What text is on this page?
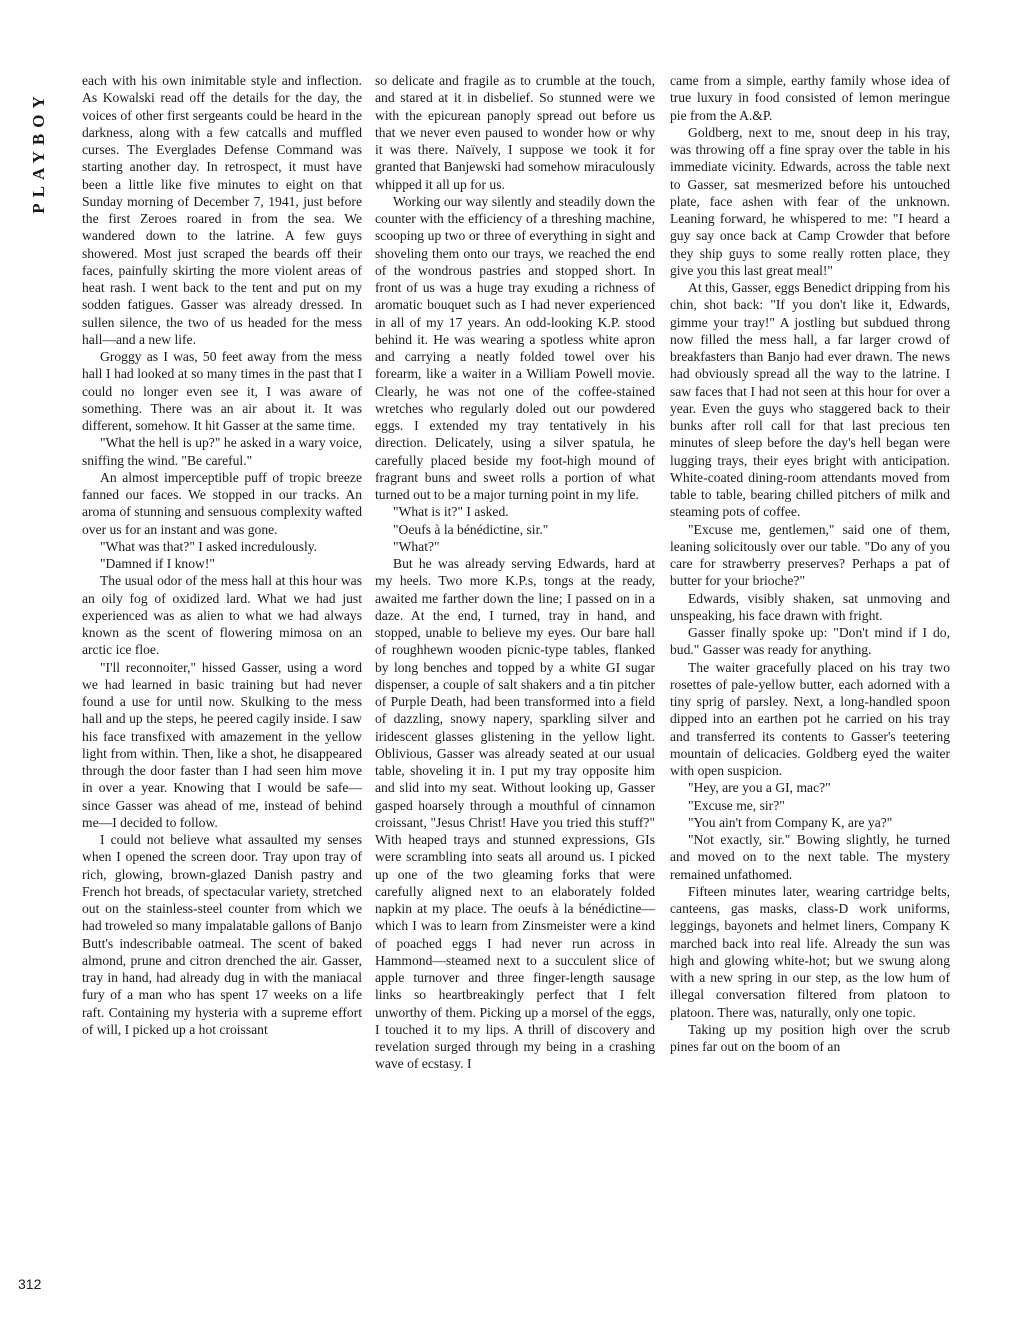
PLAYBOY
312

each with his own inimitable style and inflection. As Kowalski read off the details for the day, the voices of other first sergeants could be heard in the darkness, along with a few catcalls and muffled curses. The Everglades Defense Command was starting another day. In retrospect, it must have been a little like five minutes to eight on that Sunday morning of December 7, 1941, just before the first Zeroes roared in from the sea. We wandered down to the latrine. A few guys showered. Most just scraped the beards off their faces, painfully skirting the more violent areas of heat rash. I went back to the tent and put on my sodden fatigues. Gasser was already dressed. In sullen silence, the two of us headed for the mess hall—and a new life.

Groggy as I was, 50 feet away from the mess hall I had looked at so many times in the past that I could no longer even see it, I was aware of something. There was an air about it. It was different, somehow. It hit Gasser at the same time.

"What the hell is up?" he asked in a wary voice, sniffing the wind. "Be careful."

An almost imperceptible puff of tropic breeze fanned our faces. We stopped in our tracks. An aroma of stunning and sensuous complexity wafted over us for an instant and was gone.

"What was that?" I asked incredulously.

"Damned if I know!"

The usual odor of the mess hall at this hour was an oily fog of oxidized lard. What we had just experienced was as alien to what we had always known as the scent of flowering mimosa on an arctic ice floe.

"I'll reconnoiter," hissed Gasser, using a word we had learned in basic training but had never found a use for until now. Skulking to the mess hall and up the steps, he peered cagily inside. I saw his face transfixed with amazement in the yellow light from within. Then, like a shot, he disappeared through the door faster than I had seen him move in over a year. Knowing that I would be safe—since Gasser was ahead of me, instead of behind me—I decided to follow.

I could not believe what assaulted my senses when I opened the screen door. Tray upon tray of rich, glowing, brown-glazed Danish pastry and French hot breads, of spectacular variety, stretched out on the stainless-steel counter from which we had troweled so many impalatable gallons of Banjo Butt's indescribable oatmeal. The scent of baked almond, prune and citron drenched the air. Gasser, tray in hand, had already dug in with the maniacal fury of a man who has spent 17 weeks on a life raft. Containing my hysteria with a supreme effort of will, I picked up a hot croissant

so delicate and fragile as to crumble at the touch, and stared at it in disbelief. So stunned were we with the epicurean panoply spread out before us that we never even paused to wonder how or why it was there. Naïvely, I suppose we took it for granted that Banjewski had somehow miraculously whipped it all up for us.

Working our way silently and steadily down the counter with the efficiency of a threshing machine, scooping up two or three of everything in sight and shoveling them onto our trays, we reached the end of the wondrous pastries and stopped short. In front of us was a huge tray exuding a richness of aromatic bouquet such as I had never experienced in all of my 17 years. An odd-looking K.P. stood behind it. He was wearing a spotless white apron and carrying a neatly folded towel over his forearm, like a waiter in a William Powell movie. Clearly, he was not one of the coffee-stained wretches who regularly doled out our powdered eggs. I extended my tray tentatively in his direction. Delicately, using a silver spatula, he carefully placed beside my foot-high mound of fragrant buns and sweet rolls a portion of what turned out to be a major turning point in my life.

"What is it?" I asked.

"Oeufs à la bénédictine, sir."

"What?"

But he was already serving Edwards, hard at my heels. Two more K.P.s, tongs at the ready, awaited me farther down the line; I passed on in a daze. At the end, I turned, tray in hand, and stopped, unable to believe my eyes. Our bare hall of roughhewn wooden picnic-type tables, flanked by long benches and topped by a white GI sugar dispenser, a couple of salt shakers and a tin pitcher of Purple Death, had been transformed into a field of dazzling, snowy napery, sparkling silver and iridescent glasses glistening in the yellow light. Oblivious, Gasser was already seated at our usual table, shoveling it in. I put my tray opposite him and slid into my seat. Without looking up, Gasser gasped hoarsely through a mouthful of cinnamon croissant, "Jesus Christ! Have you tried this stuff?" With heaped trays and stunned expressions, GIs were scrambling into seats all around us. I picked up one of the two gleaming forks that were carefully aligned next to an elaborately folded napkin at my place. The oeufs à la bénédictine—which I was to learn from Zinsmeister were a kind of poached eggs I had never run across in Hammond—steamed next to a succulent slice of apple turnover and three finger-length sausage links so heartbreakingly perfect that I felt unworthy of them. Picking up a morsel of the eggs, I touched it to my lips. A thrill of discovery and revelation surged through my being in a crashing wave of ecstasy. I

came from a simple, earthy family whose idea of true luxury in food consisted of lemon meringue pie from the A.&P.

Goldberg, next to me, snout deep in his tray, was throwing off a fine spray over the table in his immediate vicinity. Edwards, across the table next to Gasser, sat mesmerized before his untouched plate, face ashen with fear of the unknown. Leaning forward, he whispered to me: "I heard a guy say once back at Camp Crowder that before they ship guys to some really rotten place, they give you this last great meal!"

At this, Gasser, eggs Benedict dripping from his chin, shot back: "If you don't like it, Edwards, gimme your tray!" A jostling but subdued throng now filled the mess hall, a far larger crowd of breakfasters than Banjo had ever drawn. The news had obviously spread all the way to the latrine. I saw faces that I had not seen at this hour for over a year. Even the guys who staggered back to their bunks after roll call for that last precious ten minutes of sleep before the day's hell began were lugging trays, their eyes bright with anticipation. White-coated dining-room attendants moved from table to table, bearing chilled pitchers of milk and steaming pots of coffee.

"Excuse me, gentlemen," said one of them, leaning solicitously over our table. "Do any of you care for strawberry preserves? Perhaps a pat of butter for your brioche?"

Edwards, visibly shaken, sat unmoving and unspeaking, his face drawn with fright.

Gasser finally spoke up: "Don't mind if I do, bud." Gasser was ready for anything.

The waiter gracefully placed on his tray two rosettes of pale-yellow butter, each adorned with a tiny sprig of parsley. Next, a long-handled spoon dipped into an earthen pot he carried on his tray and transferred its contents to Gasser's teetering mountain of delicacies. Goldberg eyed the waiter with open suspicion.

"Hey, are you a GI, mac?"

"Excuse me, sir?"

"You ain't from Company K, are ya?"

"Not exactly, sir." Bowing slightly, he turned and moved on to the next table. The mystery remained unfathomed.

Fifteen minutes later, wearing cartridge belts, canteens, gas masks, class-D work uniforms, leggings, bayonets and helmet liners, Company K marched back into real life. Already the sun was high and glowing white-hot; but we swung along with a new spring in our step, as the low hum of illegal conversation filtered from platoon to platoon. There was, naturally, only one topic.

Taking up my position high over the scrub pines far out on the boom of an
